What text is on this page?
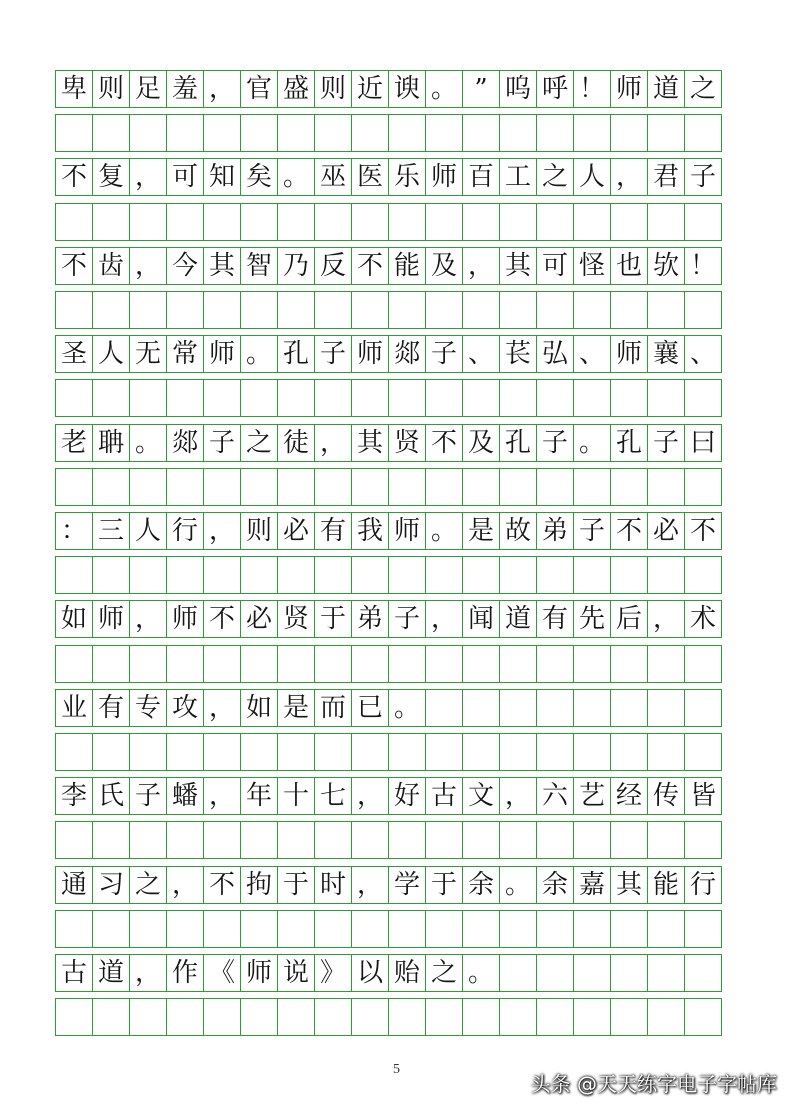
卑 则 足 羞 ， 官 盛 则 近 谀 。 ” 呜 呼 ！ 师 道 之
不 复 ， 可 知 矣 。 巫 医 乐 师 百 工 之 人 ， 君 子
不 齿 ， 今 其 智 乃 反 不 能 及 ， 其 可 怪 也 欤 ！
圣 人 无 常 师 。 孔 子 师 郯 子 、 苌 弘 、 师 襄 、
老 聃 。 郯 子 之 徒 ， 其 贤 不 及 孔 子 。 孔 子 曰
： 三 人 行 ， 则 必 有 我 师 。 是 故 弟 子 不 必 不
如 师 ， 师 不 必 贤 于 弟 子 ， 闻 道 有 先 后 ， 术
业 有 专 攻 ， 如 是 而 已 。
李 氏 子 蟠 ， 年 十 七 ， 好 古 文 ， 六 艺 经 传 皆
通 习 之 ， 不 拘 于 时 ， 学 于 余 。 余 嘉 其 能 行
古 道 ， 作 《 师 说 》 以 贻 之 。
5
头条 @天天练字电子字帖库
